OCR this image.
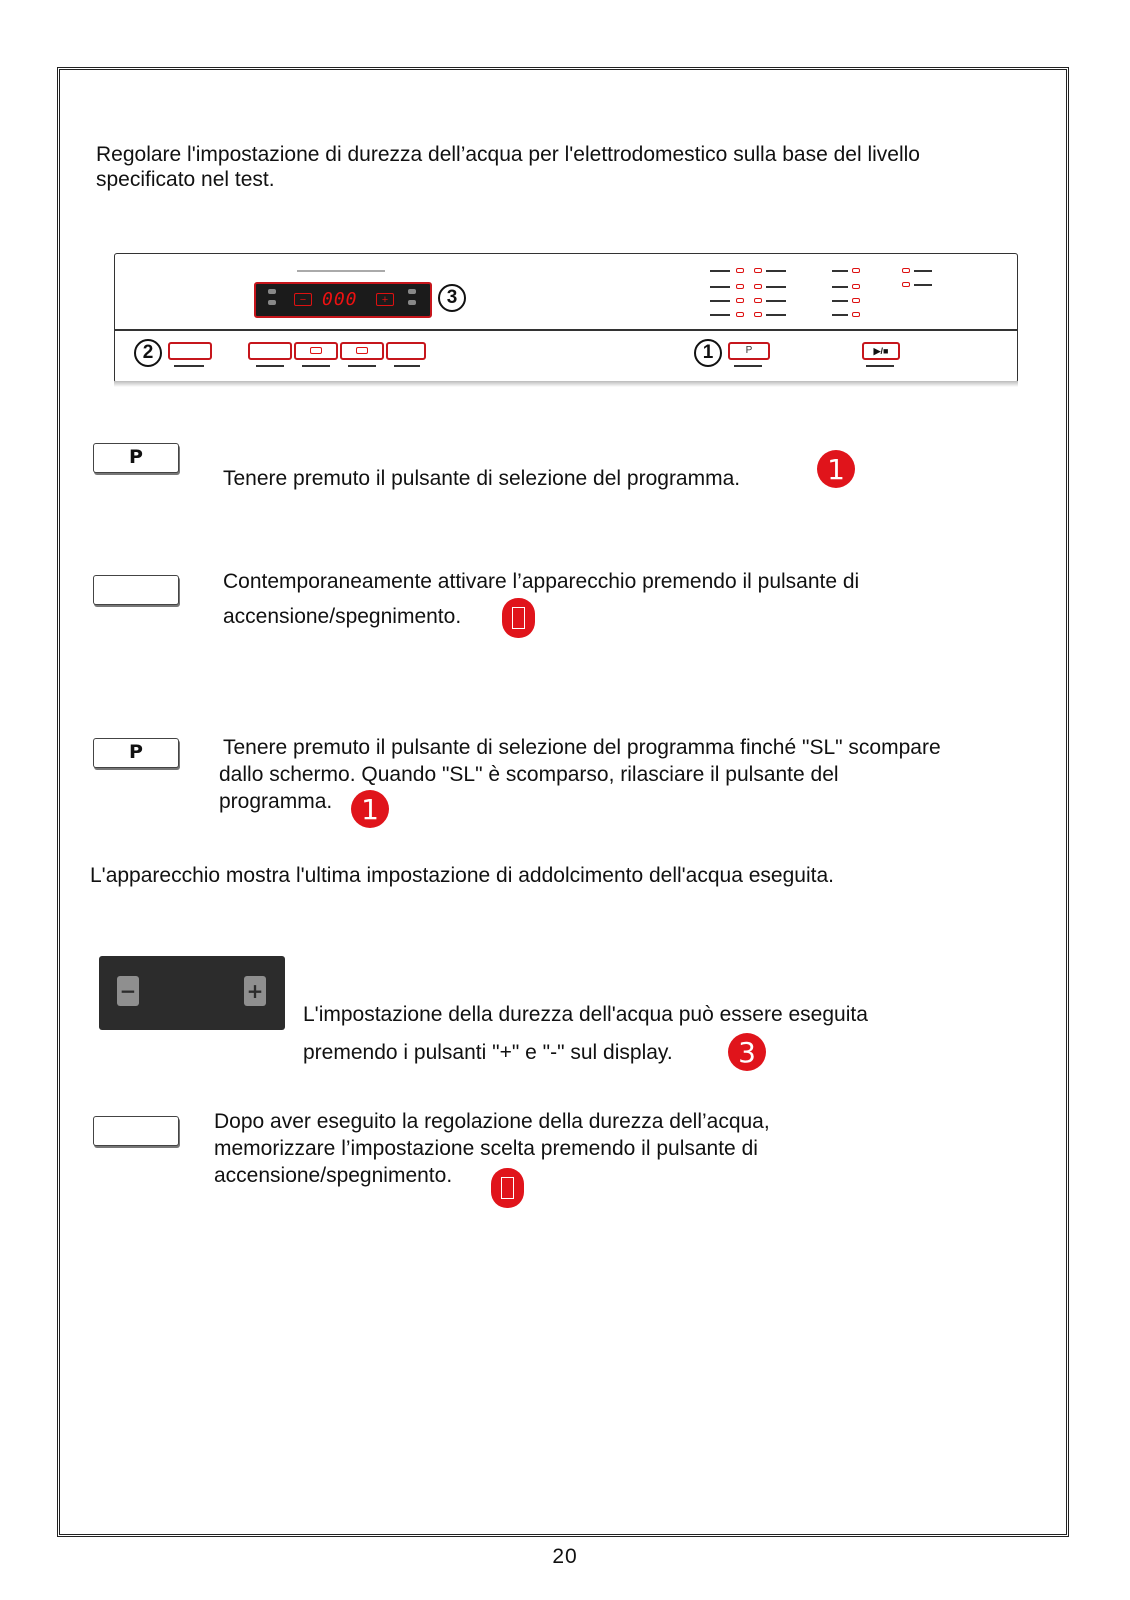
Regolare l'impostazione di durezza dell’acqua per l'elettrodomestico sulla base del livello specificato nel test.

− 000	+	3
2	1	P	▶/■
P

Tenere premuto il pulsante di selezione del programma.	1

Contemporaneamente attivare l’apparecchio premendo il pulsante di

accensione/spegnimento.

P	Tenere premuto il pulsante di selezione del programma finché "SL" scompare

dallo schermo. Quando "SL" è scomparso, rilasciare il pulsante del

programma.	1

L'apparecchio mostra l'ultima impostazione di addolcimento dell'acqua eseguita.

−	+

L'impostazione della durezza dell'acqua può essere eseguita

premendo i pulsanti "+" e "-" sul display.	3

Dopo aver eseguito la regolazione della durezza dell’acqua,

memorizzare l’impostazione scelta premendo il pulsante di

accensione/spegnimento.

20
